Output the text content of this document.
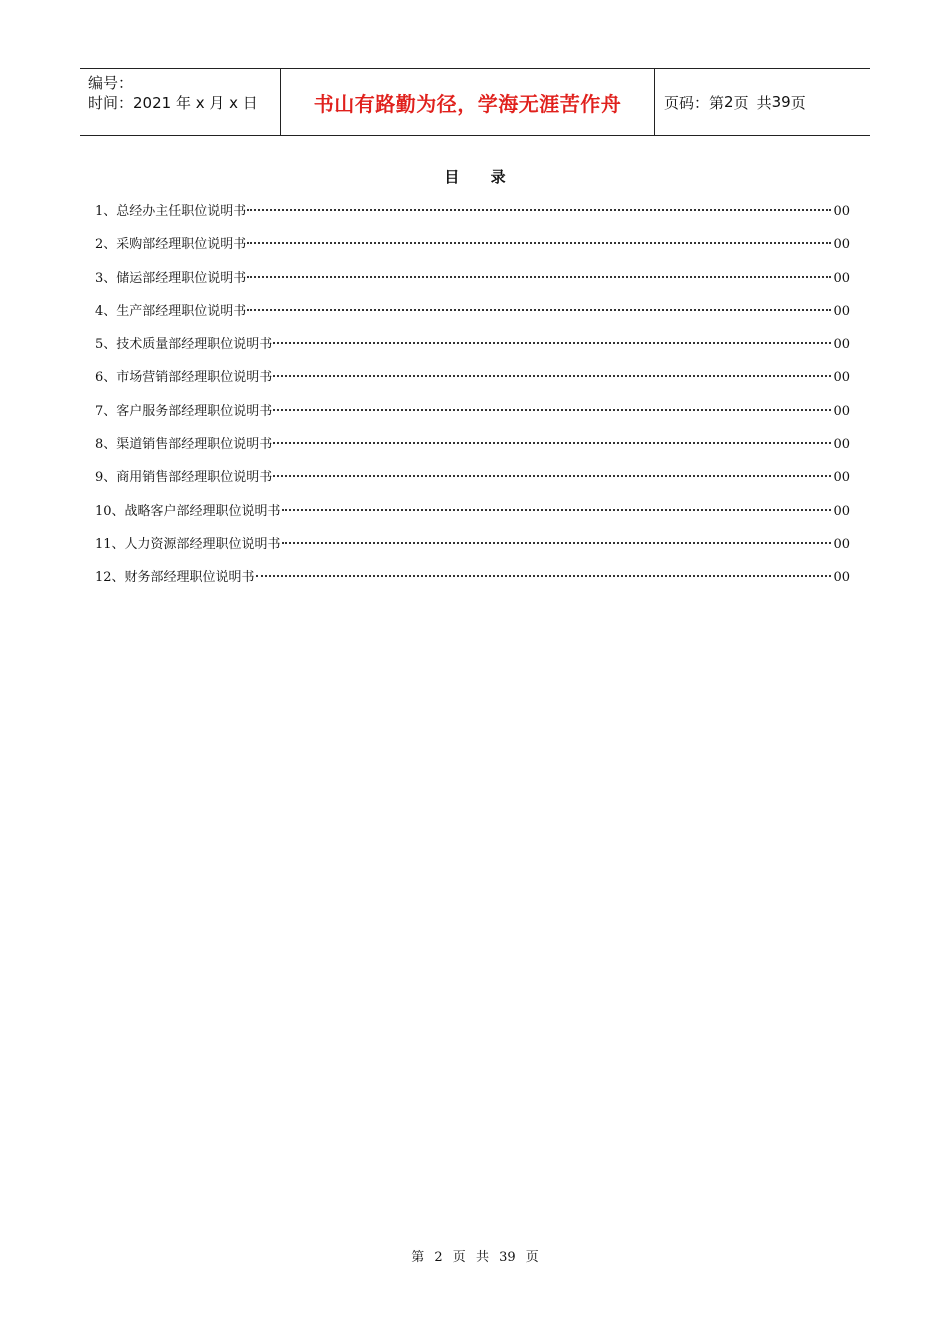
编号：
时间：2021 年 x 月 x 日	书山有路勤为径，学海无涯苦作舟	页码：第 2 页 共 39 页
目 录
1、总经办主任职位说明书	00
2、采购部经理职位说明书	00
3、储运部经理职位说明书	00
4、生产部经理职位说明书	00
5、技术质量部经理职位说明书	00
6、市场营销部经理职位说明书	00
7、客户服务部经理职位说明书	00
8、渠道销售部经理职位说明书	00
9、商用销售部经理职位说明书	00
10、战略客户部经理职位说明书	00
11、人力资源部经理职位说明书	00
12、财务部经理职位说明书	00
第 2 页 共 39 页
